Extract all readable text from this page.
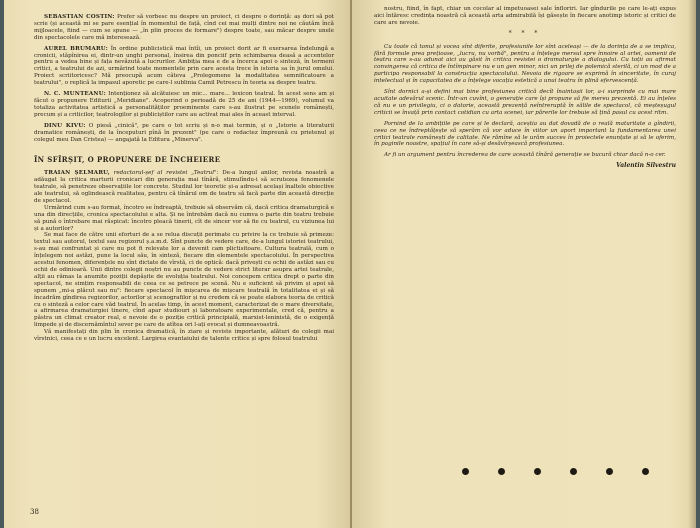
SEBASTIAN COSTIN: Prefer să vorbesc nu despre un proiect, ci despre o dorință: aș dori să pot scrie (și această mi se pare esențial în momentul de față, cînd cei mai mulți dintre noi ne căutăm încă mijloacele, fiind — cum se spune — „în plin proces de formare") despre toate, sau măcar despre unele din spectacolele care mă interesează.

AUREL BRUMARU: În ordine publicistică mai întîi, un proiect dorit ar fi exersarea îndelungă a cronicii, stăpînirea ei, dintr-un unghi personal, însirea din ponciif prin schimbarea deasă a accentelor pentru a vedea bine și fața nevăzută a lucrurilor. Ambiția mea e de a încerca apoi o sinteză, în termeni critici, a teatrului de azi, urmărind toate momentele prin care acesta trece în istoria sa în jurul omului. Proiect scriitoricesc? Mă preocupă acum câteva „Prolegomene la modalitatea semnificatoare a teatrului", o replică la impasul aporetic pe care-l sublinia Camil Petrescu în teoria sa despre teatru.

N. C. MUNTEANU: Intenționez să alcătuiesc un mic... mare... lexicon teatral. În acest sens am și făcut o propunere Editurii „Meridiane". Acoperind o perioadă de 25 de ani (1944—1969), volumul va totaliza activitatea artistică a personalităților proeminente care s-au ilustrat pe scenele românești, precum și a criticilor, teatrologilor și publiciștilor care au activat mai ales în aceast interval.

DINU KIVU: O piesă „cinică", pe care o tot scriu și n-o mai termin, și o „Istorie a literaturii dramatice românești, de la începuturi pînă în prezent" (pe care o redactez împreună cu prietenul și colegul meu Dan Cristea) — angajată la Editura „Minerva".

ÎN SFÎRȘIT, O PROPUNERE DE ÎNCHEIERE

TRAIAN ȘELMARU, redactorul-șef al revistei „Teatrul": De-a lungul anilor, revista noastră a adăugat la critica marturii cronicari din generația mai tînără, stimulîndu-i să scrutezea fenomenele teatrale, să penetreze observațiile lor concrete. Studiul lor teoretic și-a adresat același înaltele obiective ale teatrului, să oglindească realitatea, pentru că tînărul om de teatru să facă parte din această direcție de spectacol.

Urmărind cum s-au format, încotro se îndreaptă, trebuie să observăm că, dacă critica dramaturgică e una din direcțiile, cronica spectacolului e alta. Și ne întrebăm dacă nu cumva o parte din teatru trebuie să pună o întrebare mai răspicat: încotro pleacă tinerii, cît de sincer vor să fie cu teatrul, cu viziunea lui și a autorilor?

Se mai face de către unii eforturi de a se relua discuții perimate cu privire la ce trebuie să primeze: textul sau autorul, textul sau regizorul ș.a.m.d. Sînt puncte de vedere care, de-a lungul istoriei teatrului, s-au mai confruntat și care nu pot fi relevate lor a devenit cam plictisitoare. Cultura teatrală, cum o înțelegem noi astăzi, pune la locul său, în sinteză, fiecare din elementele spectacolului. În perspectiva acestui fenomen, diferențele nu sînt dictate de vîrstă, ci de optică: dacă privești cu ochii de astăzi sau cu ochii de odinioară. Unii dintre colegii noștri nu au puncte de vedere strict literar asupra artei teatrale, alții au rămas la anumite poziții depășite de evoluția teatrului. Noi concepem critica drept o parte din spectacol, ne simțim responsabili de ceea ce se petrece pe scenă. Nu e suficient să privim și apoi să spunem „mi-a plăcut sau nu": fiecare spectacol în mișcarea de mișcare teatrală în totalitatea ei și să încadrăm gîndirea regizorilor, actorilor și scenografilor și nu credem că se poate elabora teoria de critică cu o sinteză a celor care văd teatrul. În acelas timp, în acest moment, caracterizat de o mare diversitate, a afirmarea dramaturgiei tinere, cînd apar studiouri și laboratoare experimentale, cred că, pentru a păstra un climat creator real, e nevoie de o poziție critică principială, marxist-leninistă, de o exigență limpede și de discernămîntul sever pe care de atîtea ori l-ați evocat și dumneavoastră.

Vă manifestați din plin în cronica dramatică, în ziare și reviste importante, alături de colegii mai vîrstnici, ceea ce e un lucru excelent. Largirea evantaiului de talente critice și spre folosul teatrului

38

nostru, fiind, în fapt, chiar un cocolar al impetuoasei sale înfloriri. Iar gîndurile pe care le-ați expus aici întăresc credința noastră că această arta admirabilă își găsește în fiecare anotimp istoric și critici de care are nevoie.

* * *

Cu toate că tonul și vocea sînt diferite, profesiunile lor sînt aceleași — de la dorința de a se implica, fără formule prea prețioase, „lucru, nu vorbă", pentru a înțelege mersul spre înnoire al artei, oamenii de teatru care s-au adunat aici au găsit în critica revistei o dramaturgie a dialogului. Cu toții au afirmat convingerea că critica de întîmpinare nu e un gen minor, nici un prilej de polemică sterilă, ci un mod de a participa responsabil la construcția spectacolului. Nevoia de rigoare se exprimă în sinceritate, în curaj intelectual și în capacitatea de a înțelege vocația estetică a unui teatru în plină efervescență.

Sînt dornici a-și defini mai bine profesiunea critică decît înaintașii lor, a-i surprinde cu mai mare acuitate adevărul scenic. Într-un cuvînt, o generație care își propune să fie mereu prezentă. Ei au înțeles că nu e un privilegiu, ci o datorie, această prezență neîntreruptă în sălile de spectacol, că meșteșugul criticii se învață prin contact cotidian cu arta scenei, iar părerile lor trebuie să țină pasul cu acest ritm.

Pornind de la ambițiile pe care și le declară, aceștia au dat dovadă de o reală maturitate a gîndirii, ceea ce ne îndreptățește să sperăm că vor aduce în viitor un aport important la fundamentarea unei critici teatrale românești de calitate. Ne rămîne să le urăm succes în proiectele enunțate și să le oferim, în paginile noastre, spațiul în care să-și desăvîrșească profesiunea.

Ar fi un argument pentru încrederea de care această tînără generație se bucură chiar dacă n-o cer.

Valentin Silvestru
